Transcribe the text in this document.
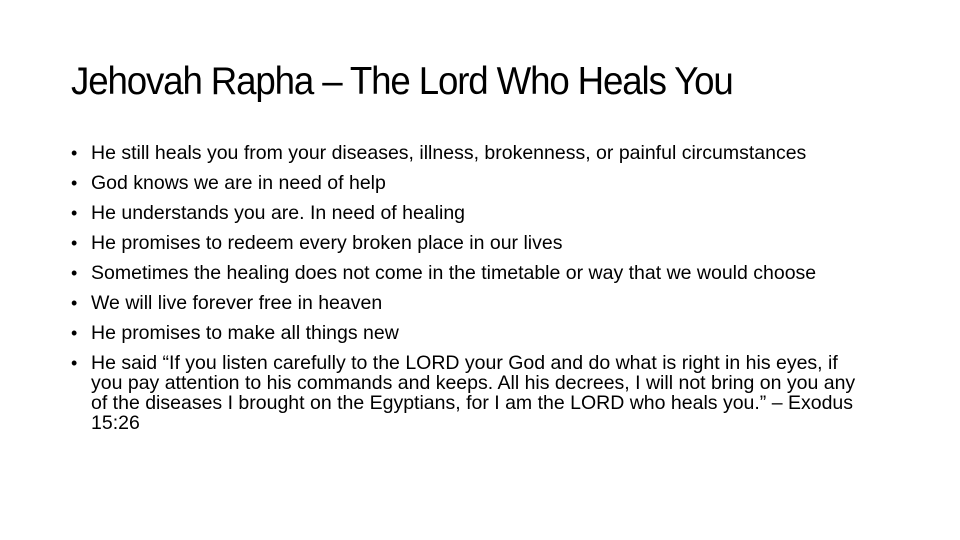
Jehovah Rapha – The Lord Who Heals You
• He still heals you from your diseases, illness, brokenness, or painful circumstances
• God knows we are in need of help
• He understands you are. In need of healing
• He promises to redeem every broken place in our lives
• Sometimes the healing does not come in the timetable or way that we would choose
• We will live forever free in heaven
• He promises to make all things new
• He said “If you listen carefully to the LORD your God and do what is right in his eyes, if you pay attention to his commands and keeps. All his decrees, I will not bring on you any of the diseases I brought on the Egyptians, for I am the LORD who heals you.” – Exodus 15:26
